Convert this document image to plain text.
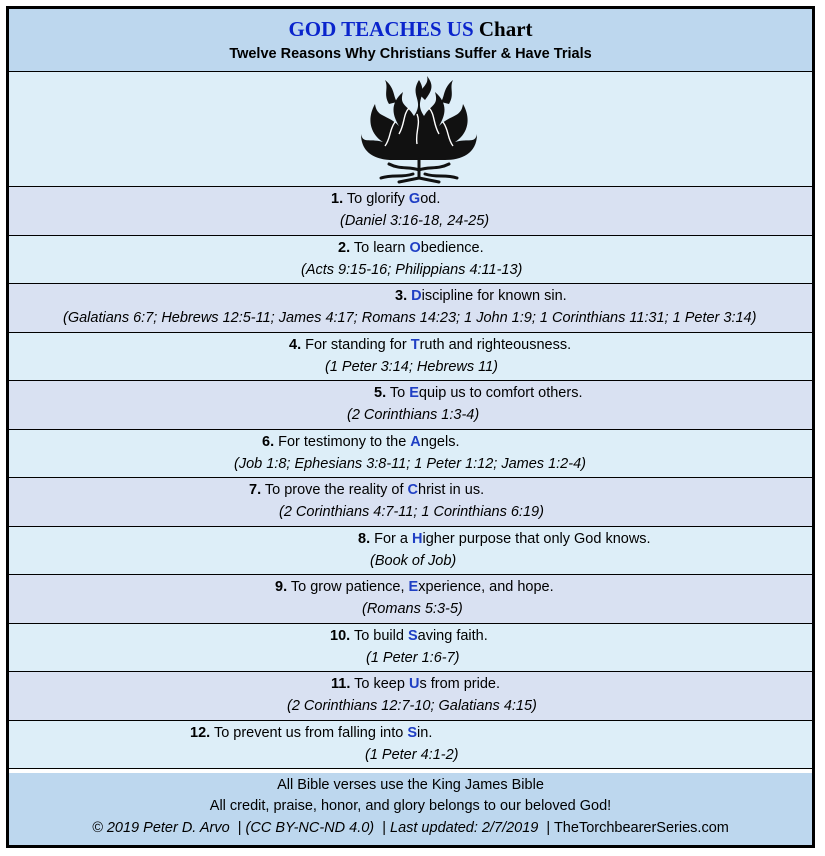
GOD TEACHES US Chart
Twelve Reasons Why Christians Suffer & Have Trials
1. To glorify God.
(Daniel 3:16-18, 24-25)
2. To learn Obedience.
(Acts 9:15-16; Philippians 4:11-13)
3. Discipline for known sin.
(Galatians 6:7; Hebrews 12:5-11; James 4:17; Romans 14:23; 1 John 1:9; 1 Corinthians 11:31; 1 Peter 3:14)
4. For standing for Truth and righteousness.
(1 Peter 3:14; Hebrews 11)
5. To Equip us to comfort others.
(2 Corinthians 1:3-4)
6. For testimony to the Angels.
(Job 1:8; Ephesians 3:8-11; 1 Peter 1:12; James 1:2-4)
7. To prove the reality of Christ in us.
(2 Corinthians 4:7-11; 1 Corinthians 6:19)
8. For a Higher purpose that only God knows.
(Book of Job)
9. To grow patience, Experience, and hope.
(Romans 5:3-5)
10. To build Saving faith.
(1 Peter 1:6-7)
11. To keep Us from pride.
(2 Corinthians 12:7-10; Galatians 4:15)
12. To prevent us from falling into Sin.
(1 Peter 4:1-2)
All Bible verses use the King James Bible
All credit, praise, honor, and glory belongs to our beloved God!
© 2019 Peter D. Arvo  | (CC BY-NC-ND 4.0)  | Last updated: 2/7/2019  | TheTorchbearerSeries.com
